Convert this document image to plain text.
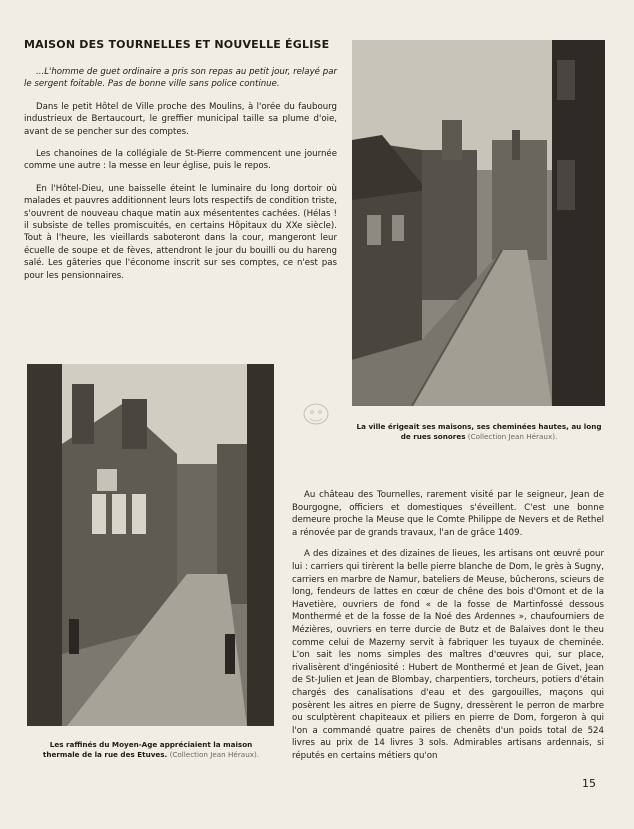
MAISON DES TOURNELLES ET NOUVELLE ÉGLISE

...L'homme de guet ordinaire a pris son repas au petit jour, relayé par le sergent foitable. Pas de bonne ville sans police continue.

Dans le petit Hôtel de Ville proche des Moulins, à l'orée du faubourg industrieux de Bertaucourt, le greffier municipal taille sa plume d'oie, avant de se pencher sur des comptes.

Les chanoines de la collégiale de St-Pierre commencent une journée comme une autre : la messe en leur église, puis le repos.

En l'Hôtel-Dieu, une baisselle éteint le luminaire du long dortoir où malades et pauvres additionnent leurs lots respectifs de condition triste, s'ouvrent de nouveau chaque matin aux mésententes cachées. (Hélas ! il subsiste de telles promiscuités, en certains Hôpitaux du XXe siècle). Tout à l'heure, les vieillards saboteront dans la cour, mangeront leur écuelle de soupe et de fèves, attendront le jour du bouilli ou du hareng salé. Les gâteries que l'économe inscrit sur ses comptes, ce n'est pas pour les pensionnaires.

La ville érigeait ses maisons, ses cheminées hautes, au long de rues sonores (Collection Jean Héraux).
Les raffinés du Moyen-Age appréciaient la maison thermale de la rue des Etuves. (Collection Jean Héraux).

Au château des Tournelles, rarement visité par le seigneur, Jean de Bourgogne, officiers et domestiques s'éveillent. C'est une bonne demeure proche la Meuse que le Comte Philippe de Nevers et de Rethel a rénovée par de grands travaux, l'an de grâce 1409.

A des dizaines et des dizaines de lieues, les artisans ont œuvré pour lui : carriers qui tirèrent la belle pierre blanche de Dom, le grès à Sugny, carriers en marbre de Namur, bateliers de Meuse, bûcherons, scieurs de long, fendeurs de lattes en cœur de chêne des bois d'Omont et de la Havetière, ouvriers de fond « de la fosse de Martinfossé dessous Monthermé et de la fosse de la Noé des Ardennes », chaufourniers de Mézières, ouvriers en terre durcie de Butz et de Balaives dont le theu comme celui de Mazerny servit à fabriquer les tuyaux de cheminée. L'on sait les noms simples des maîtres d'œuvres qui, sur place, rivalisèrent d'ingéniosité : Hubert de Monthermé et Jean de Givet, Jean de St-Julien et Jean de Blombay, charpentiers, torcheurs, potiers d'étain chargés des canalisations d'eau et des gargouilles, maçons qui posèrent les aitres en pierre de Sugny, dressèrent le perron de marbre ou sculptèrent chapiteaux et piliers en pierre de Dom, forgeron à qui l'on a commandé quatre paires de chenêts d'un poids total de 524 livres au prix de 14 livres 3 sols. Admirables artisans ardennais, si réputés en certains métiers qu'on

15
